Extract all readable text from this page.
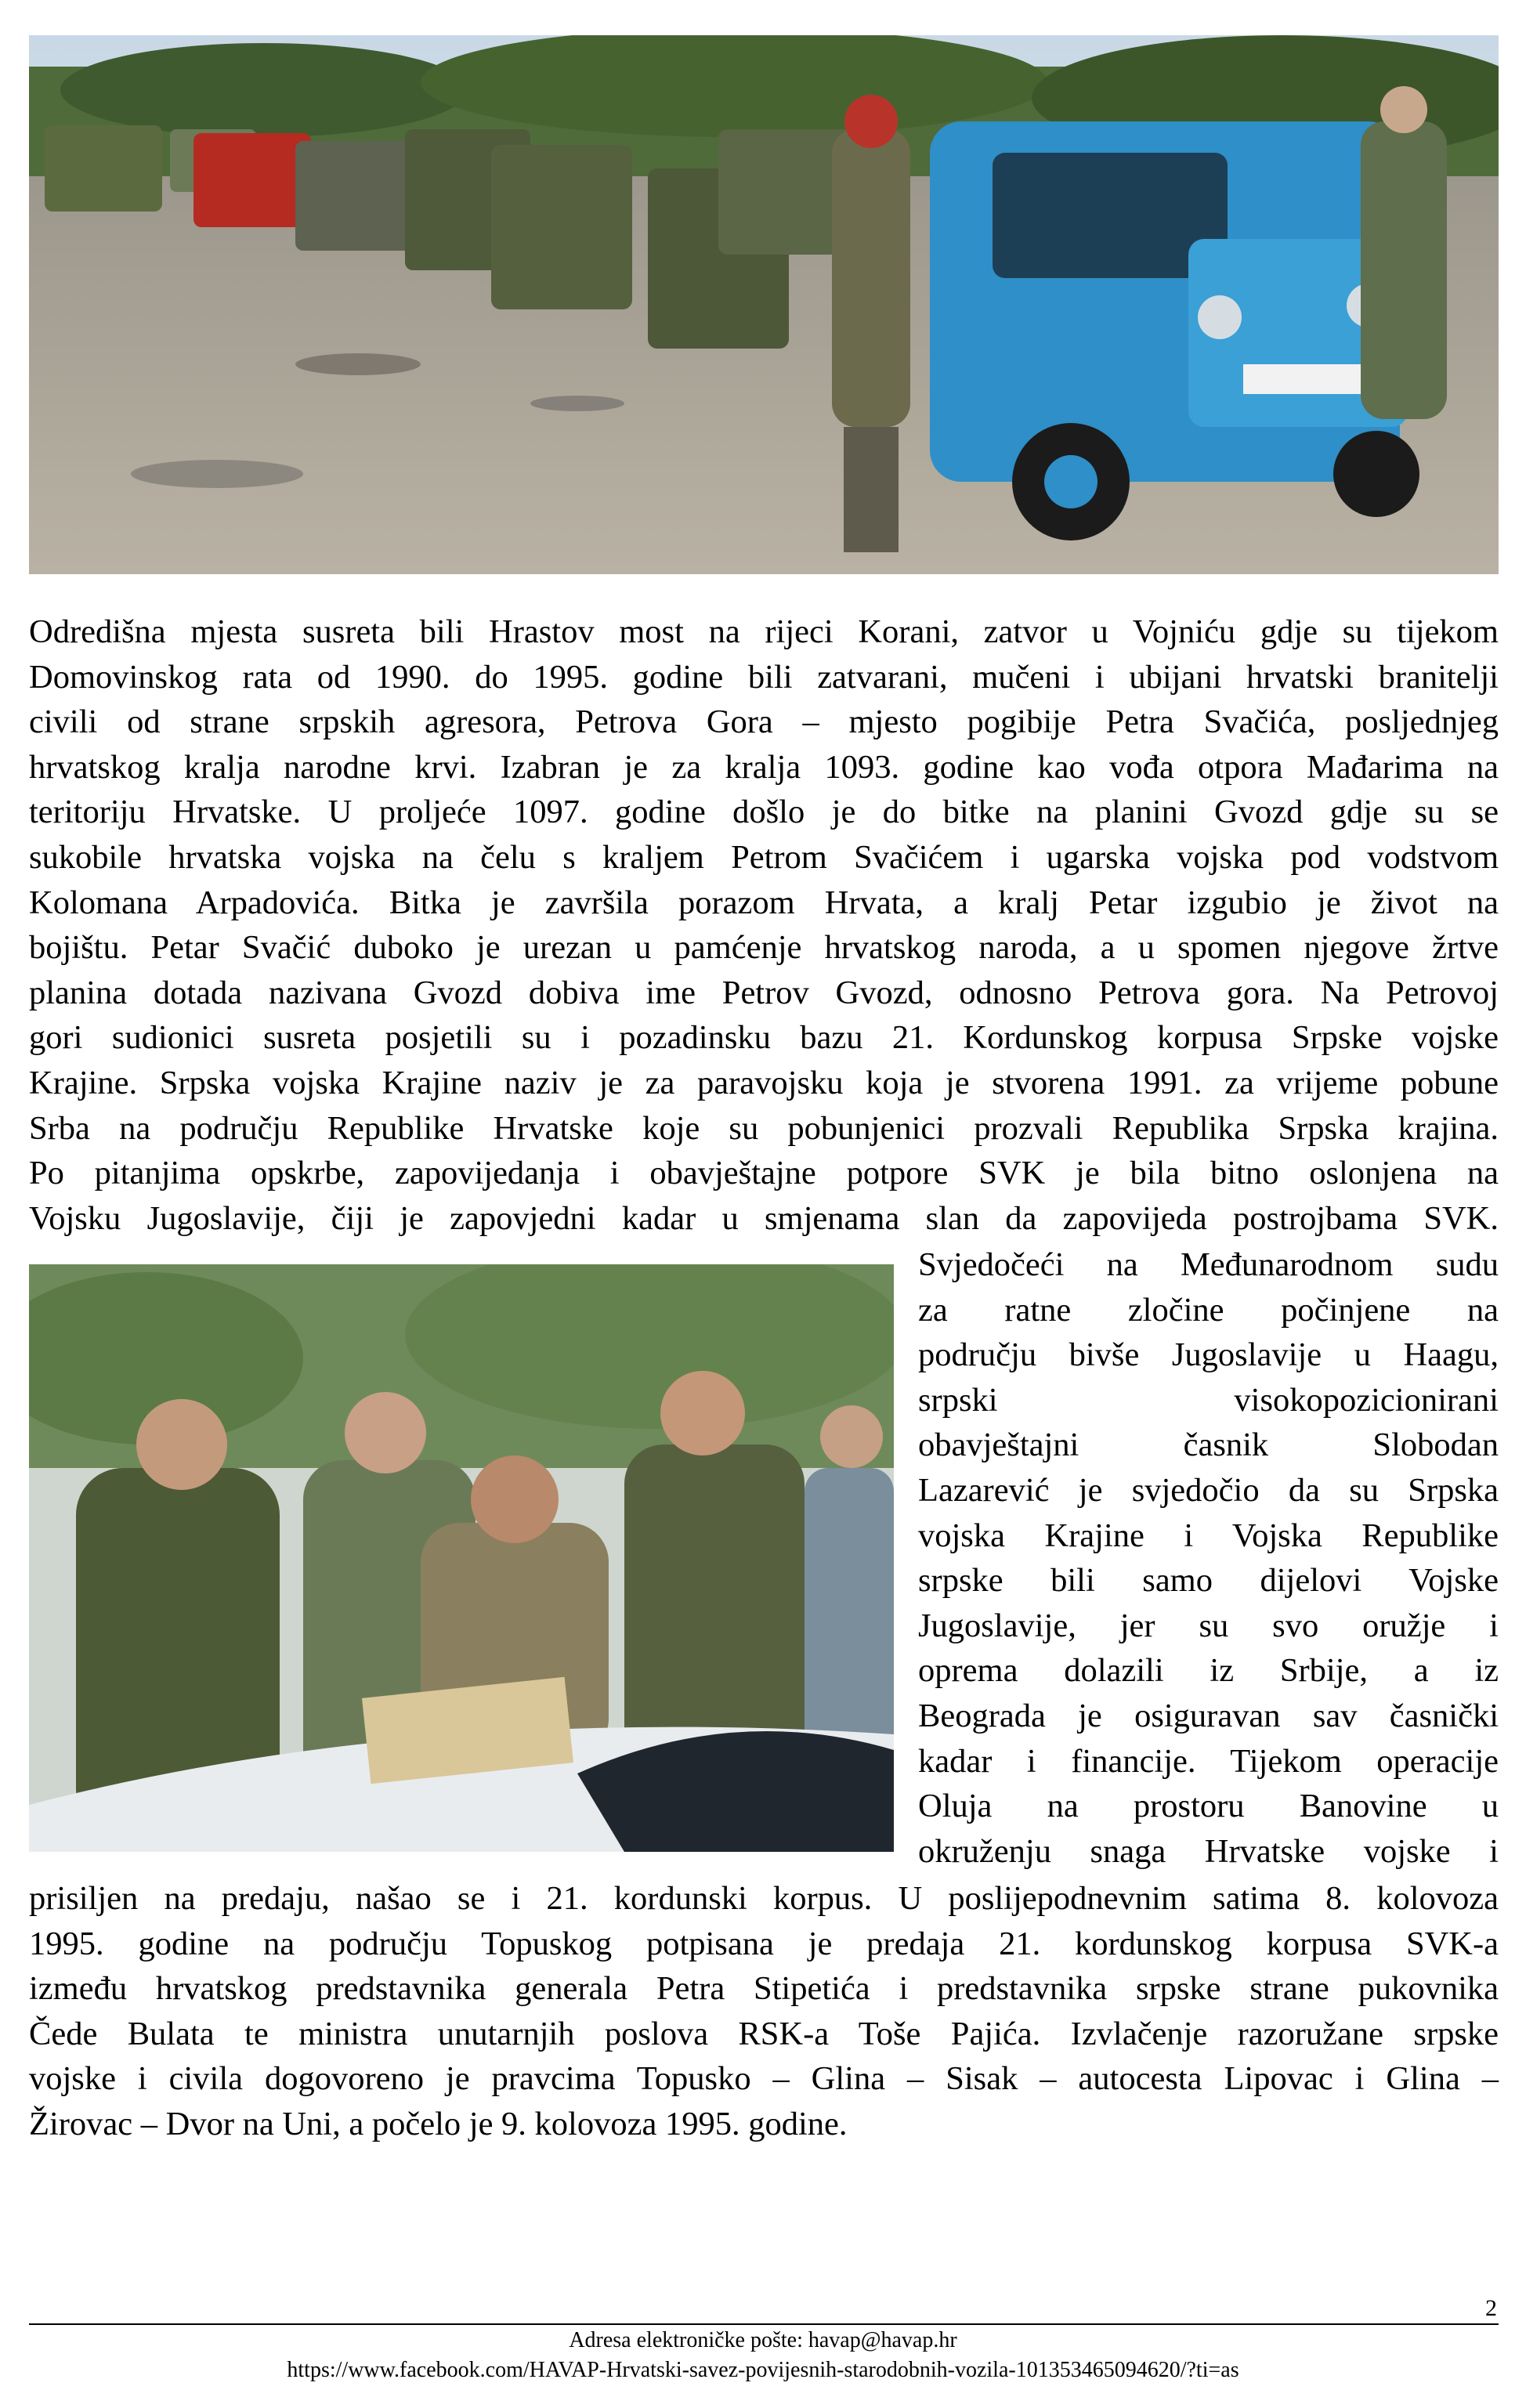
Odredišna mjesta susreta bili Hrastov most na rijeci Korani, zatvor u Vojniću gdje su tijekom
Domovinskog rata od 1990. do 1995. godine bili zatvarani, mučeni i ubijani hrvatski branitelji
civili od strane srpskih agresora, Petrova Gora – mjesto pogibije Petra Svačića, posljednjeg
hrvatskog kralja narodne krvi. Izabran je za kralja 1093. godine kao vođa otpora Mađarima na
teritoriju Hrvatske. U proljeće 1097. godine došlo je do bitke na planini Gvozd gdje su se
sukobile hrvatska vojska na čelu s kraljem Petrom Svačićem i ugarska vojska pod vodstvom
Kolomana Arpadovića. Bitka je završila porazom Hrvata, a kralj Petar izgubio je život na
bojištu. Petar Svačić duboko je urezan u pamćenje hrvatskog naroda, a u spomen njegove žrtve
planina dotada nazivana Gvozd dobiva ime Petrov Gvozd, odnosno Petrova gora. Na Petrovoj
gori sudionici susreta posjetili su i pozadinsku bazu 21. Kordunskog korpusa Srpske vojske
Krajine. Srpska vojska Krajine naziv je za paravojsku koja je stvorena 1991. za vrijeme pobune
Srba na području Republike Hrvatske koje su pobunjenici prozvali Republika Srpska krajina.
Po pitanjima opskrbe, zapovijedanja i obavještajne potpore SVK je bila bitno oslonjena na
Vojsku Jugoslavije, čiji je zapovjedni kadar u smjenama slan da zapovijeda postrojbama SVK.
Svjedočeći na Međunarodnom sudu
za ratne zločine počinjene na
području bivše Jugoslavije u Haagu,
srpski visokopozicionirani
obavještajni časnik Slobodan
Lazarević je svjedočio da su Srpska
vojska Krajine i Vojska Republike
srpske bili samo dijelovi Vojske
Jugoslavije, jer su svo oružje i
oprema dolazili iz Srbije, a iz
Beograda je osiguravan sav časnički
kadar i financije. Tijekom operacije
Oluja na prostoru Banovine u
okruženju snaga Hrvatske vojske i
prisiljen na predaju, našao se i 21. kordunski korpus. U poslijepodnevnim satima 8. kolovoza
1995. godine na području Topuskog potpisana je predaja 21. kordunskog korpusa SVK-a
između hrvatskog predstavnika generala Petra Stipetića i predstavnika srpske strane pukovnika
Čede Bulata te ministra unutarnjih poslova RSK-a Toše Pajića. Izvlačenje razoružane srpske
vojske i civila dogovoreno je pravcima Topusko – Glina – Sisak – autocesta Lipovac i Glina –
Žirovac – Dvor na Uni, a počelo je 9. kolovoza 1995. godine.
2
Adresa elektroničke pošte: havap@havap.hr
https://www.facebook.com/HAVAP-Hrvatski-savez-povijesnih-starodobnih-vozila-101353465094620/?ti=as
